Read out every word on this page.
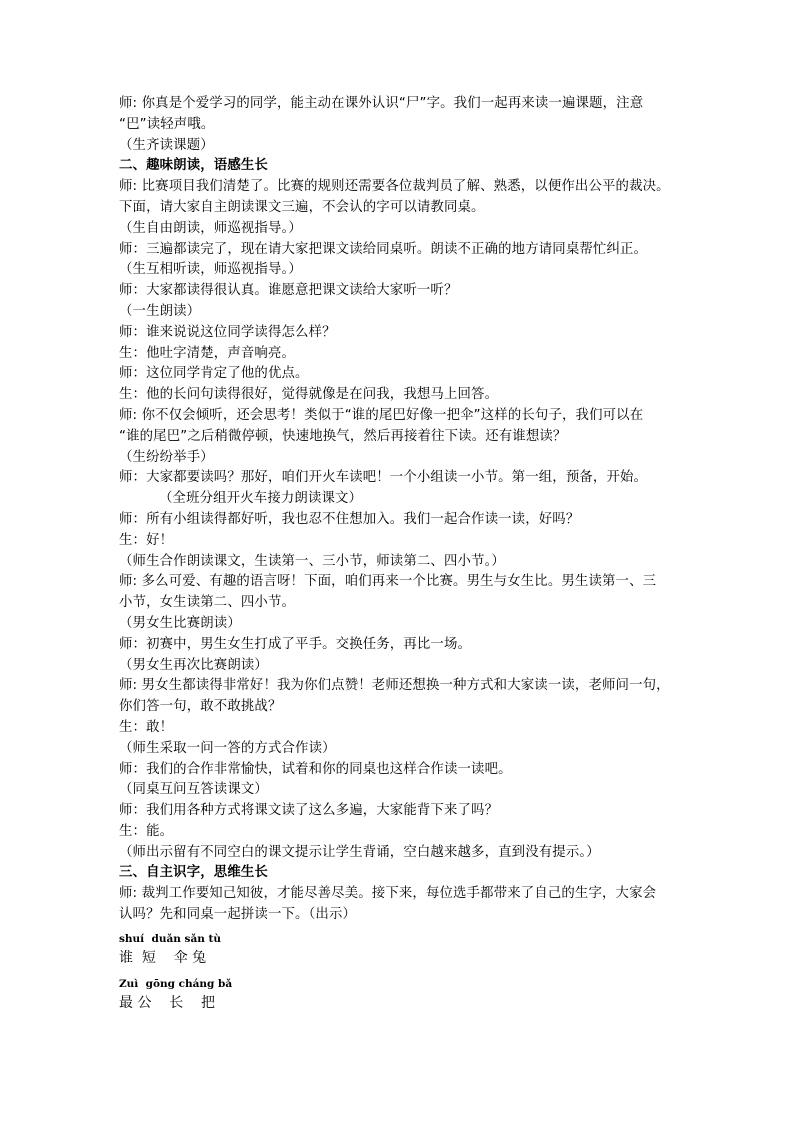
师: 你真是个爱学习的同学，能主动在课外认识“尸”字。我们一起再来读一遍课题，注意
“巴”读轻声哦。
（生齐读课题）
二、趣味朗读，语感生长
师: 比赛项目我们清楚了。比赛的规则还需要各位裁判员了解、熟悉，以便作出公平的裁决。
下面，请大家自主朗读课文三遍，不会认的字可以请教同桌。
（生自由朗读，师巡视指导。）
师：三遍都读完了，现在请大家把课文读给同桌听。朗读不正确的地方请同桌帮忙纠正。
（生互相听读，师巡视指导。）
师：大家都读得很认真。谁愿意把课文读给大家听一听？
（一生朗读）
师：谁来说说这位同学读得怎么样？
生：他吐字清楚，声音响亮。
师：这位同学肯定了他的优点。
生：他的长问句读得很好，觉得就像是在问我，我想马上回答。
师: 你不仅会倾听，还会思考！类似于“谁的尾巴好像一把伞”这样的长句子，我们可以在
“谁的尾巴”之后稍微停顿，快速地换气，然后再接着往下读。还有谁想读？
（生纷纷举手）
师：大家都要读吗？那好，咱们开火车读吧！一个小组读一小节。第一组，预备，开始。
（全班分组开火车接力朗读课文）
师：所有小组读得都好听，我也忍不住想加入。我们一起合作读一读，好吗？
生：好！
（师生合作朗读课文，生读第一、三小节，师读第二、四小节。）
师: 多么可爱、有趣的语言呀！下面，咱们再来一个比赛。男生与女生比。男生读第一、三
小节，女生读第二、四小节。
（男女生比赛朗读）
师：初赛中，男生女生打成了平手。交换任务，再比一场。
（男女生再次比赛朗读）
师: 男女生都读得非常好！我为你们点赞！老师还想换一种方式和大家读一读，老师问一句，
你们答一句，敢不敢挑战？
生：敢！
（师生采取一问一答的方式合作读）
师：我们的合作非常愉快，试着和你的同桌也这样合作读一读吧。
（同桌互问互答读课文）
师：我们用各种方式将课文读了这么多遍，大家能背下来了吗？
生：能。
（师出示留有不同空白的课文提示让学生背诵，空白越来越多，直到没有提示。）
三、自主识字，思维生长
师: 裁判工作要知己知彼，才能尽善尽美。接下来，每位选手都带来了自己的生字，大家会
认吗？先和同桌一起拼读一下。（出示）
shuí  duǎn sǎn tù
谁  短    伞 兔
Zuì  gōng cháng bǎ
最 公    长    把
